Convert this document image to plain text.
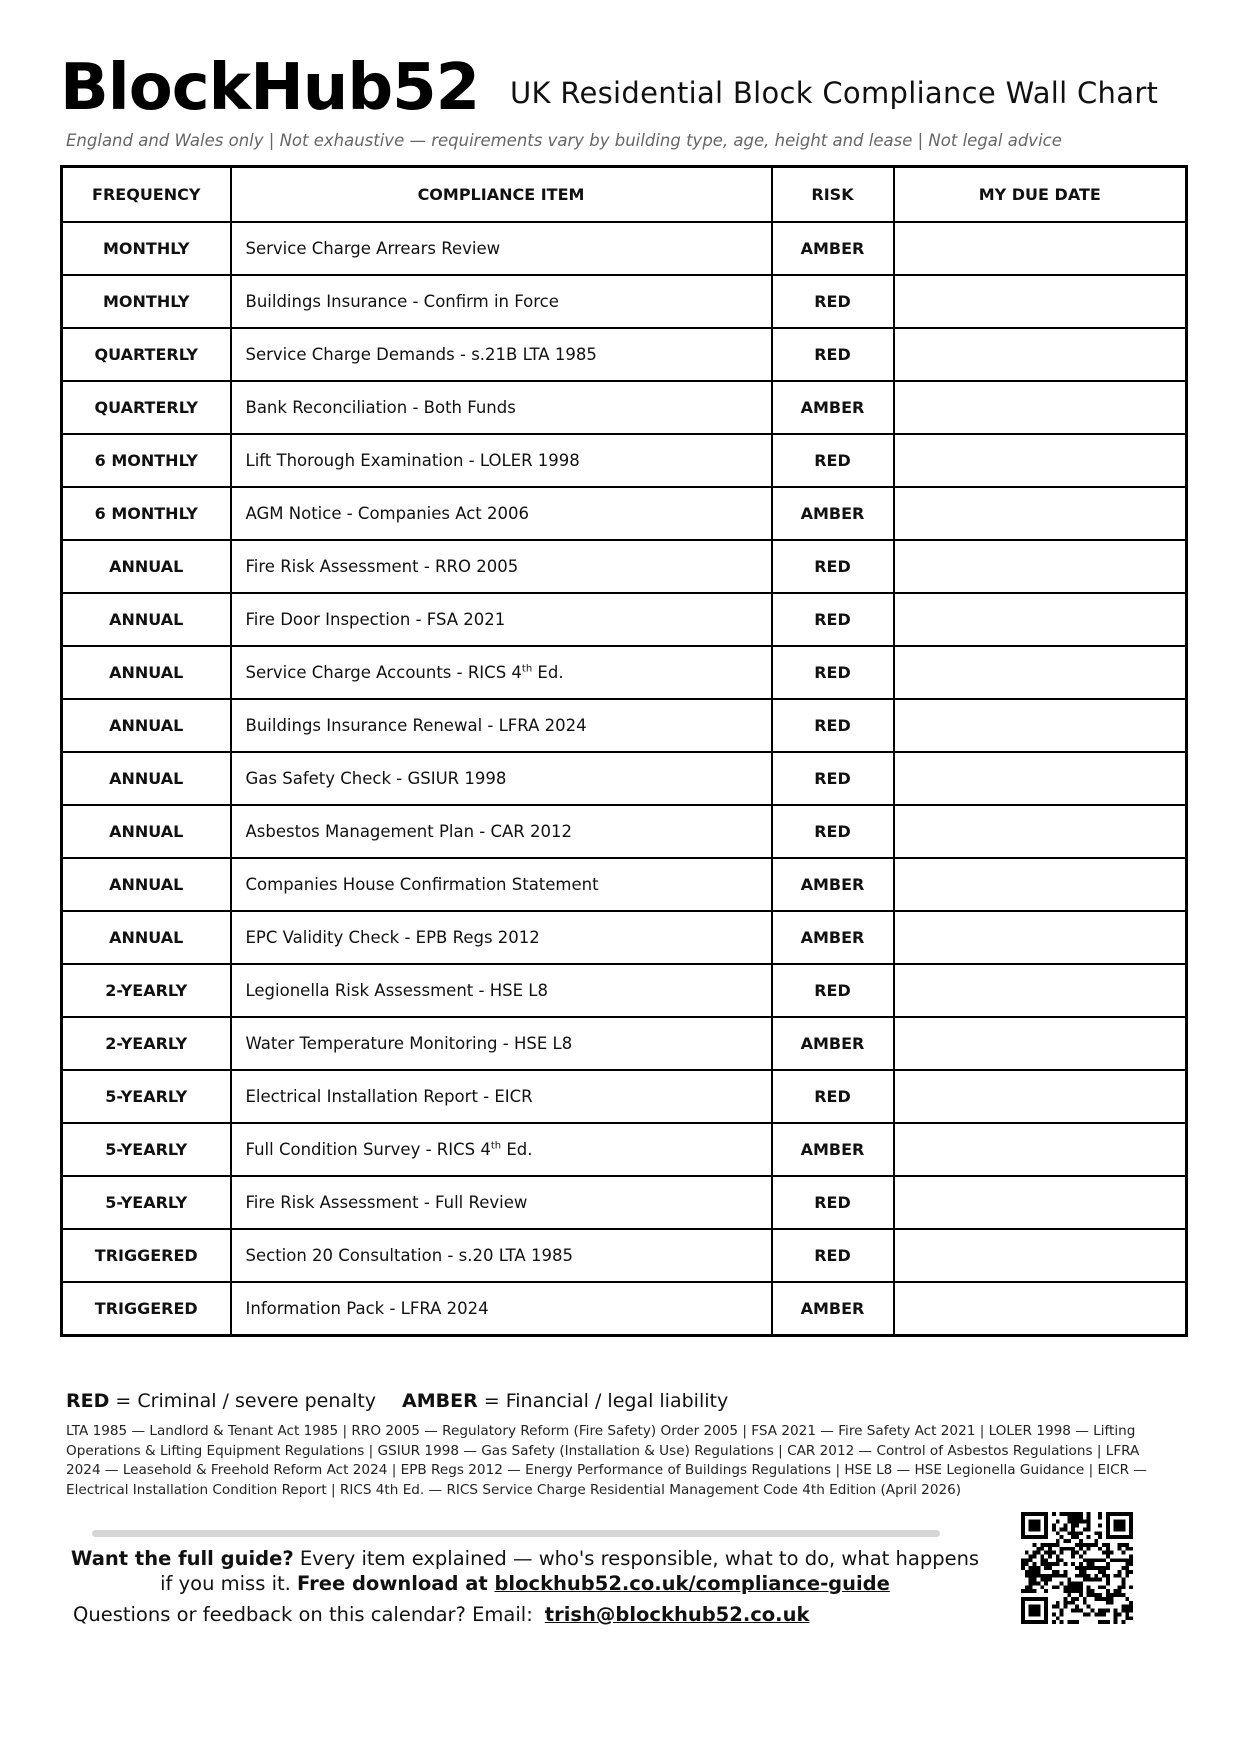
BlockHub52 UK Residential Block Compliance Wall Chart
England and Wales only | Not exhaustive — requirements vary by building type, age, height and lease | Not legal advice
FREQUENCY	COMPLIANCE ITEM	RISK	MY DUE DATE
MONTHLY	Service Charge Arrears Review	AMBER	
MONTHLY	Buildings Insurance - Confirm in Force	RED	
QUARTERLY	Service Charge Demands - s.21B LTA 1985	RED	
QUARTERLY	Bank Reconciliation - Both Funds	AMBER	
6 MONTHLY	Lift Thorough Examination - LOLER 1998	RED	
6 MONTHLY	AGM Notice - Companies Act 2006	AMBER	
ANNUAL	Fire Risk Assessment - RRO 2005	RED	
ANNUAL	Fire Door Inspection - FSA 2021	RED	
ANNUAL	Service Charge Accounts - RICS 4th Ed.	RED	
ANNUAL	Buildings Insurance Renewal - LFRA 2024	RED	
ANNUAL	Gas Safety Check - GSIUR 1998	RED	
ANNUAL	Asbestos Management Plan - CAR 2012	RED	
ANNUAL	Companies House Confirmation Statement	AMBER	
ANNUAL	EPC Validity Check - EPB Regs 2012	AMBER	
2-YEARLY	Legionella Risk Assessment - HSE L8	RED	
2-YEARLY	Water Temperature Monitoring - HSE L8	AMBER	
5-YEARLY	Electrical Installation Report - EICR	RED	
5-YEARLY	Full Condition Survey - RICS 4th Ed.	AMBER	
5-YEARLY	Fire Risk Assessment - Full Review	RED	
TRIGGERED	Section 20 Consultation - s.20 LTA 1985	RED	
TRIGGERED	Information Pack - LFRA 2024	AMBER	
RED = Criminal / severe penalty AMBER = Financial / legal liability
LTA 1985 — Landlord & Tenant Act 1985 | RRO 2005 — Regulatory Reform (Fire Safety) Order 2005 | FSA 2021 — Fire Safety Act 2021 | LOLER 1998 — Lifting Operations & Lifting Equipment Regulations | GSIUR 1998 — Gas Safety (Installation & Use) Regulations | CAR 2012 — Control of Asbestos Regulations | LFRA 2024 — Leasehold & Freehold Reform Act 2024 | EPB Regs 2012 — Energy Performance of Buildings Regulations | HSE L8 — HSE Legionella Guidance | EICR — Electrical Installation Condition Report | RICS 4th Ed. — RICS Service Charge Residential Management Code 4th Edition (April 2026)
Want the full guide? Every item explained — who's responsible, what to do, what happens if you miss it. Free download at blockhub52.co.uk/compliance-guide
Questions or feedback on this calendar? Email: trish@blockhub52.co.uk
